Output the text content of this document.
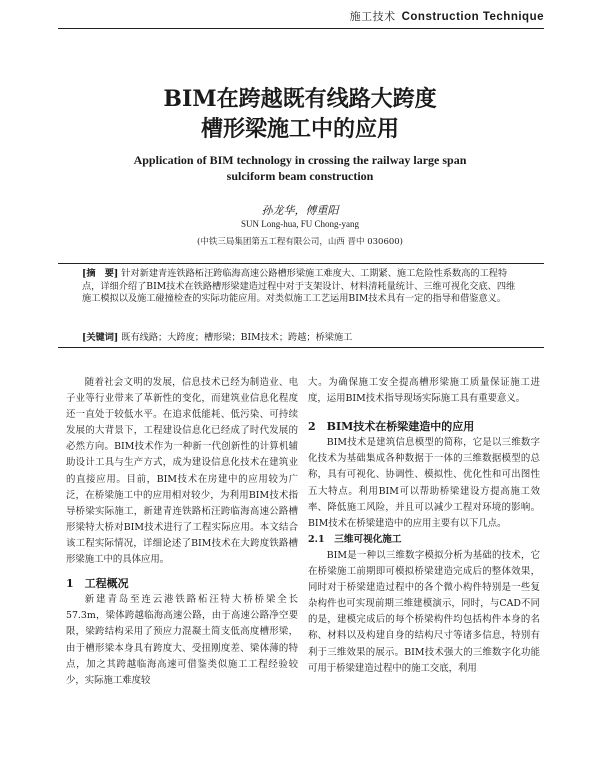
施工技术 Construction Technique
BIM在跨越既有线路大跨度
槽形梁施工中的应用
Application of BIM technology in crossing the railway large span
sulciform beam construction
孙龙华，傅重阳
SUN Long-hua, FU Chong-yang
(中铁三局集团第五工程有限公司，山西 晋中 030600)
[摘　要] 针对新建青连铁路柘汪跨临海高速公路槽形梁施工难度大、工期紧、施工危险性系数高的工程特点，详细介绍了BIM技术在铁路槽形梁建造过程中对于支架设计、材料清耗量统计、三维可视化交底、四维施工模拟以及施工碰撞检查的实际功能应用。对类似施工工艺运用BIM技术具有一定的指导和借鉴意义。
[关键词] 既有线路；大跨度；槽形梁；BIM技术；跨越；桥梁施工

随着社会文明的发展，信息技术已经为制造业、电子业等行业带来了革新性的变化，而建筑业信息化程度还一直处于较低水平。在追求低能耗、低污染、可持续发展的大背景下，工程建设信息化已经成了时代发展的必然方向。BIM技术作为一种新一代创新性的计算机辅助设计工具与生产方式，成为建设信息化技术在建筑业的直接应用。目前，BIM技术在房建中的应用较为广泛，在桥梁施工中的应用相对较少，为利用BIM技术指导桥梁实际施工，新建青连铁路柘汪跨临海高速公路槽形梁特大桥对BIM技术进行了工程实际应用。本文结合该工程实际情况，详细论述了BIM技术在大跨度铁路槽形梁施工中的具体应用。

1　工程概况

新建青岛至连云港铁路柘汪特大桥桥梁全长57.3m，梁体跨越临海高速公路，由于高速公路净空要限，梁跨结构采用了预应力混凝土简支低高度槽形梁，由于槽形梁本身具有跨度大、受扭刚度差、梁体薄的特点，加之其跨越临海高速可借鉴类似施工工程经验较少，实际施工难度较

大。为确保施工安全提高槽形梁施工质量保证施工进度，运用BIM技术指导现场实际施工具有重要意义。

2　BIM技术在桥梁建造中的应用

BIM技术是建筑信息模型的简称，它是以三维数字化技术为基础集成各种数据于一体的三维数据模型的总称，具有可视化、协调性、模拟性、优化性和可出图性五大特点。利用BIM可以帮助桥梁建设方提高施工效率、降低施工风险，并且可以减少工程对环境的影响。BIM技术在桥梁建造中的应用主要有以下几点。

2.1　三维可视化施工

BIM是一种以三维数字模拟分析为基础的技术，它在桥梁施工前期即可模拟桥梁建造完成后的整体效果，同时对于桥梁建造过程中的各个微小构件特别是一些复杂构件也可实现前期三维建模演示，同时，与CAD不同的是，建模完成后的每个桥梁构件均包括构件本身的名称、材料以及构建自身的结构尺寸等诸多信息，特别有利于三维效果的展示。BIM技术强大的三维数字化功能可用于桥梁建造过程中的施工交底，利用
